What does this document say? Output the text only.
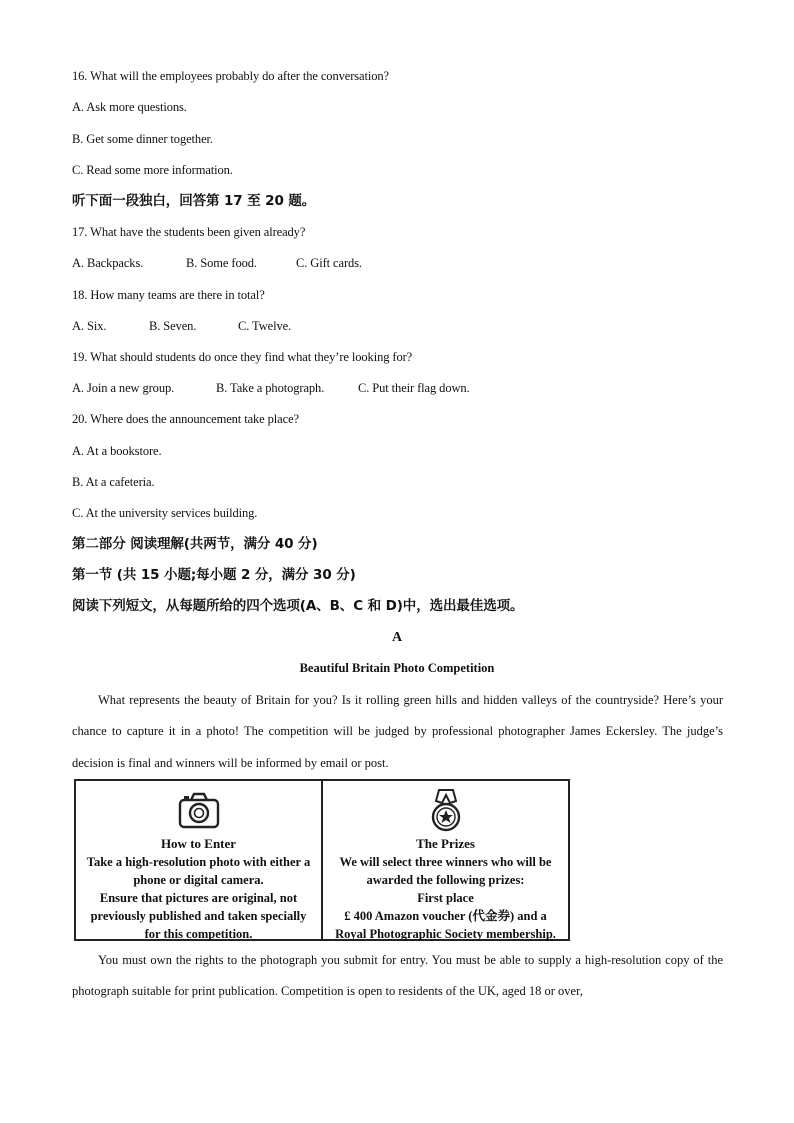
16. What will the employees probably do after the conversation?
A. Ask more questions.
B. Get some dinner together.
C. Read some more information.
听下面一段独白，回答第 17 至 20 题。
17. What have the students been given already?
A. Backpacks.	B. Some food.	C. Gift cards.
18. How many teams are there in total?
A. Six.	B. Seven.	C. Twelve.
19. What should students do once they find what they’re looking for?
A. Join a new group.	B. Take a photograph.	C. Put their flag down.
20. Where does the announcement take place?
A. At a bookstore.
B. At a cafeteria.
C. At the university services building.
第二部分 阅读理解(共两节，满分 40 分)
第一节 (共 15 小题;每小题 2 分，满分 30 分)
阅读下列短文，从每题所给的四个选项(A、B、C 和 D)中，选出最佳选项。
A
Beautiful Britain Photo Competition
What represents the beauty of Britain for you? Is it rolling green hills and hidden valleys of the countryside? Here’s your chance to capture it in a photo! The competition will be judged by professional photographer James Eckersley. The judge’s decision is final and winners will be informed by email or post.
How to Enter
Take a high-resolution photo with either a
phone or digital camera.
Ensure that pictures are original, not
previously published and taken specially
for this competition.
The Prizes
We will select three winners who will be
awarded the following prizes:
First place
£ 400 Amazon voucher (代金券) and a
Royal Photographic Society membership.
You must own the rights to the photograph you submit for entry. You must be able to supply a high-resolution copy of the photograph suitable for print publication. Competition is open to residents of the UK, aged 18 or over,
